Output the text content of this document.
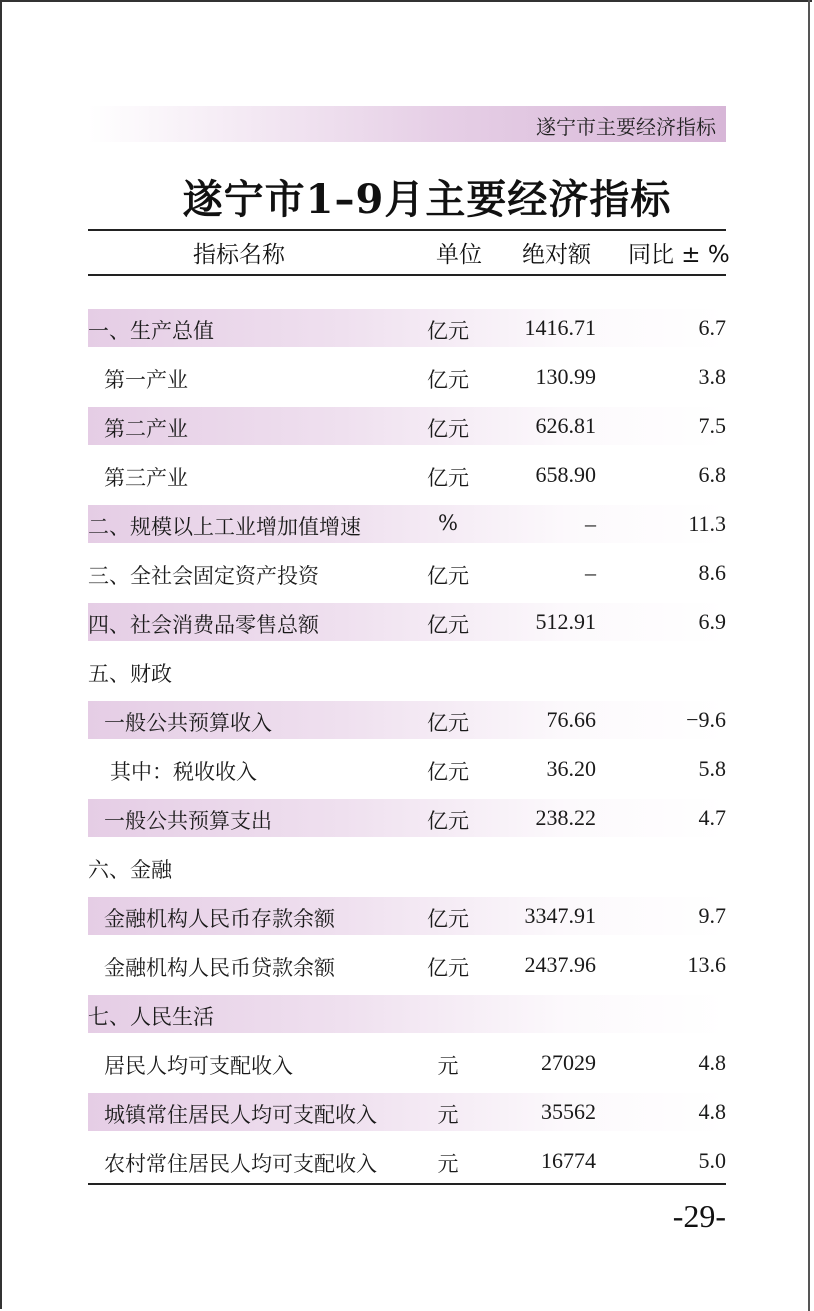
遂宁市主要经济指标
遂宁市1–9月主要经济指标
指标名称	单位 绝对额 同比 ± %
一、生产总值	亿元	1416.71	6.7
第一产业	亿元	130.99	3.8
第二产业	亿元	626.81	7.5
第三产业	亿元	658.90	6.8
二、规模以上工业增加值增速	%	–	11.3
三、全社会固定资产投资	亿元	–	8.6
四、社会消费品零售总额	亿元	512.91	6.9
五、财政
一般公共预算收入	亿元	76.66	−9.6
其中：税收收入	亿元	36.20	5.8
一般公共预算支出	亿元	238.22	4.7
六、金融
金融机构人民币存款余额	亿元	3347.91	9.7
金融机构人民币贷款余额	亿元	2437.96	13.6
七、人民生活
居民人均可支配收入	元	27029	4.8
城镇常住居民人均可支配收入	元	35562	4.8
农村常住居民人均可支配收入	元	16774	5.0
-29-
